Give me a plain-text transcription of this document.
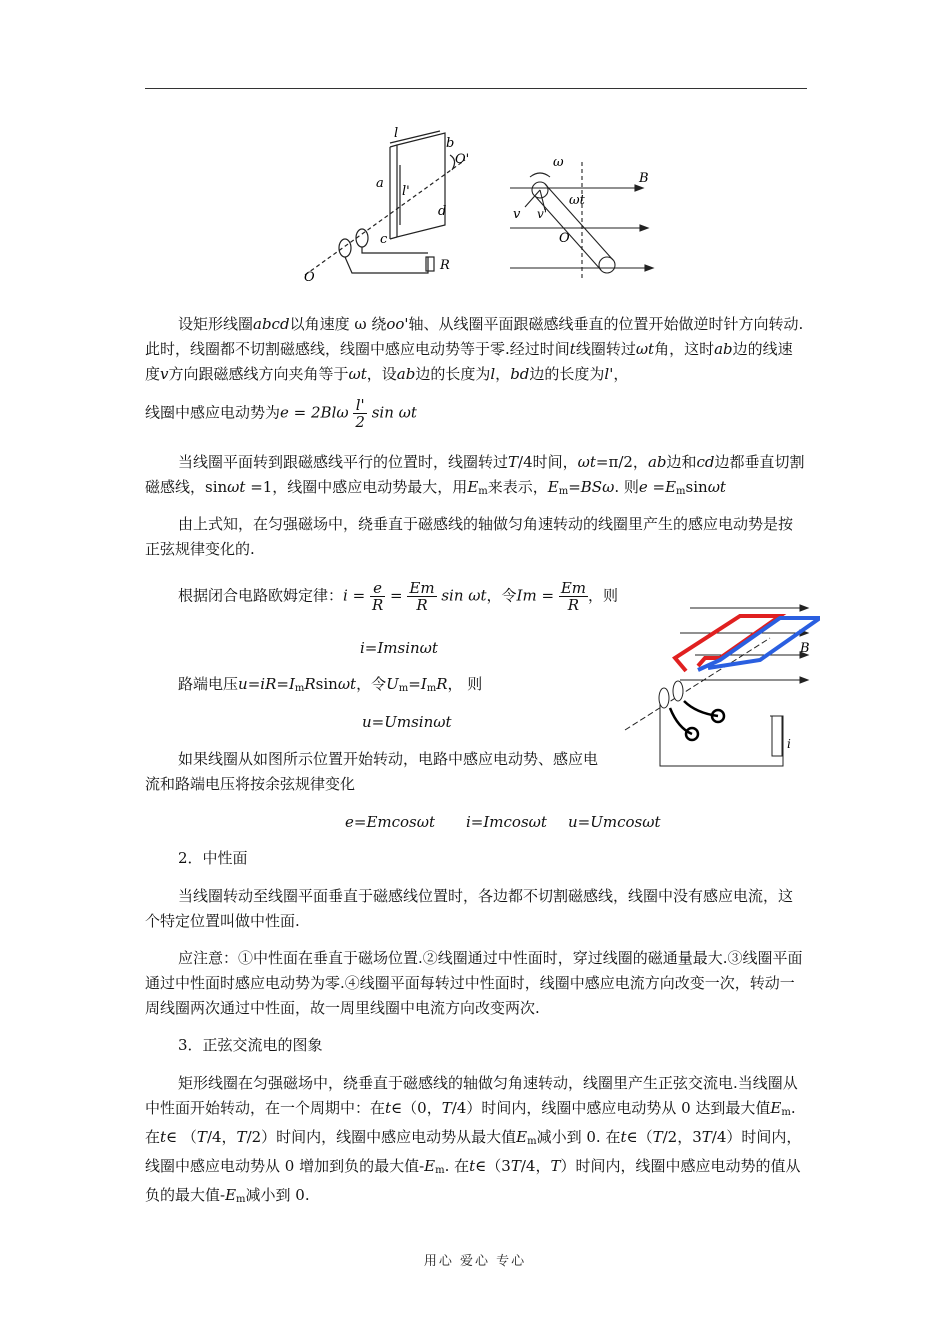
l
b
O'
a
l'
d
c
O
R
ω
B
ωt
v v'
O
B
i

设矩形线圈abcd以角速度 ω 绕oo'轴、从线圈平面跟磁感线垂直的位置开始做逆时针方向转动.此时，线圈都不切割磁感线，线圈中感应电动势等于零.经过时间t线圈转过ωt角，这时ab边的线速度v方向跟磁感线方向夹角等于ωt，设ab边的长度为l，bd边的长度为l'，

线圈中感应电动势为$e = 2Bl\omega \frac{l'}{2}$ sin ωt

当线圈平面转到跟磁感线平行的位置时，线圈转过T/4时间，ωt=π/2，ab边和cd边都垂直切割磁感线，sinωt =1，线圈中感应电动势最大，用$E_m$来表示，$E_m=BS\omega$. 则$e =E_m\sin\omega t$

由上式知，在匀强磁场中，绕垂直于磁感线的轴做匀角速转动的线圈里产生的感应电动势是按正弦规律变化的.

根据闭合电路欧姆定律：$i = \frac{e}{R} = \frac{Em}{R}$ sin ωt，令$Im = \frac{Em}{R}$ ，则
i=Imsinωt
路端电压$u=iR=I_mRsin\omega t$，令$U_m=I_mR$， 则
u=Umsinωt

如果线圈从如图所示位置开始转动，电路中感应电动势、感应电流和路端电压将按余弦规律变化

e=Emcosωt i=Imcosωt u=Umcosωt
2．中性面

当线圈转动至线圈平面垂直于磁感线位置时，各边都不切割磁感线，线圈中没有感应电流，这个特定位置叫做中性面.

应注意：①中性面在垂直于磁场位置.②线圈通过中性面时，穿过线圈的磁通量最大.③线圈平面通过中性面时感应电动势为零.④线圈平面每转过中性面时，线圈中感应电流方向改变一次，转动一周线圈两次通过中性面，故一周里线圈中电流方向改变两次.

3．正弦交流电的图象

矩形线圈在匀强磁场中，绕垂直于磁感线的轴做匀角速转动，线圈里产生正弦交流电.当线圈从中性面开始转动，在一个周期中：在t∈（0，T/4）时间内，线圈中感应电动势从 0 达到最大值$E_m$. 在t∈ （T/4，T/2）时间内，线圈中感应电动势从最大值$E_m$减小到 0. 在t∈（T/2，3T/4）时间内，线圈中感应电动势从 0 增加到负的最大值$-E_m$. 在t∈（3T/4，T）时间内，线圈中感应电动势的值从负的最大值$-E_m$减小到 0.

用心 爱心 专心
